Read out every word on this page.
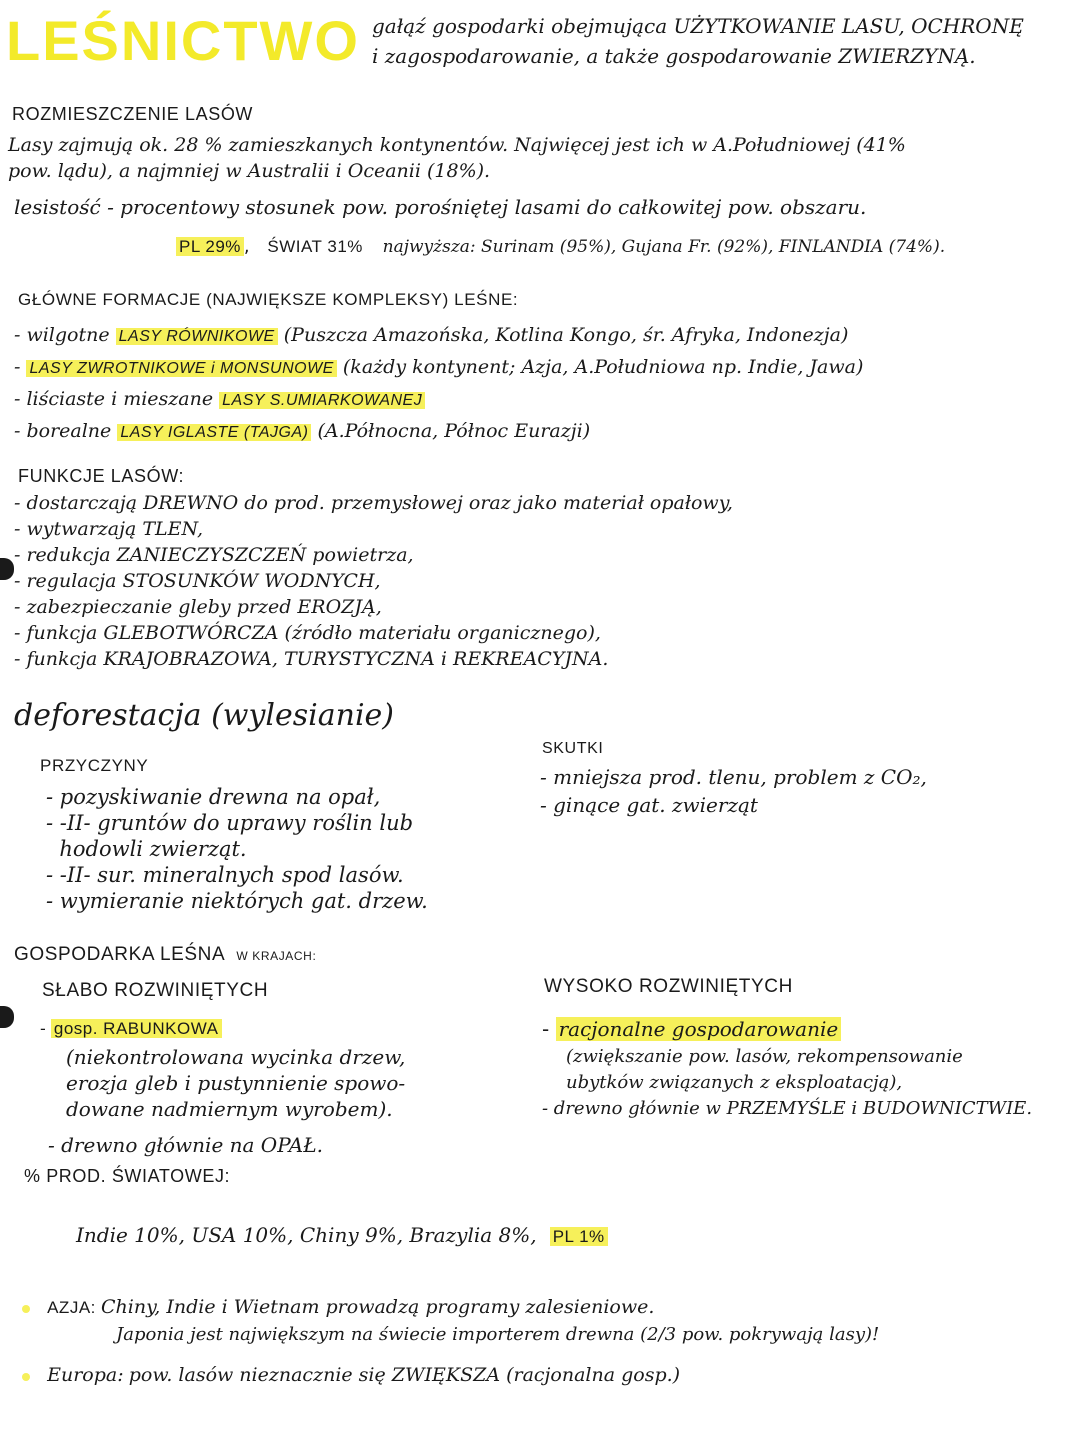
LEŚNICTWO gałąź gospodarki obejmująca UŻYTKOWANIE LASU, OCHRONĘ
i zagospodarowanie, a także gospodarowanie ZWIERZYNĄ.
ROZMIESZCZENIE LASÓW
Lasy zajmują ok. 28 % zamieszkanych kontynentów. Najwięcej jest ich w A.Południowej (41%
pow. lądu), a najmniej w Australii i Oceanii (18%).
lesistość - procentowy stosunek pow. porośniętej lasami do całkowitej pow. obszaru.
PL 29% , ŚWIAT 31% najwyższa: Surinam (95%), Gujana Fr. (92%), FINLANDIA (74%).
GŁÓWNE FORMACJE (NAJWIĘKSZE KOMPLEKSY) LEŚNE:
- wilgotne LASY RÓWNIKOWE (Puszcza Amazońska, Kotlina Kongo, śr. Afryka, Indonezja)
- LASY ZWROTNIKOWE i MONSUNOWE (każdy kontynent; Azja, A.Południowa np. Indie, Jawa)
- liściaste i mieszane LASY S.UMIARKOWANEJ
- borealne LASY IGLASTE (TAJGA) (A.Północna, Północ Eurazji)
FUNKCJE LASÓW:
- dostarczają DREWNO do prod. przemysłowej oraz jako materiał opałowy,
- wytwarzają TLEN,
- redukcja ZANIECZYSZCZEŃ powietrza,
- regulacja STOSUNKÓW WODNYCH,
- zabezpieczanie gleby przed EROZJĄ,
- funkcja GLEBOTWÓRCZA (źródło materiału organicznego),
- funkcja KRAJOBRAZOWA, TURYSTYCZNA i REKREACYJNA.
deforestacja (wylesianie)
PRZYCZYNY
- pozyskiwanie drewna na opał,
- -II- gruntów do uprawy roślin lub
hodowli zwierząt.
- -II- sur. mineralnych spod lasów.
- wymieranie niektórych gat. drzew.
SKUTKI
- mniejsza prod. tlenu, problem z CO₂,
- ginące gat. zwierząt
GOSPODARKA LEŚNA W KRAJACH:
SŁABO ROZWINIĘTYCH
- gosp. RABUNKOWA
(niekontrolowana wycinka drzew,
erozja gleb i pustynnienie spowo-
dowane nadmiernym wyrobem).
- drewno głównie na OPAŁ.
WYSOKO ROZWINIĘTYCH
- racjonalne gospodarowanie
(zwiększanie pow. lasów, rekompensowanie
ubytków związanych z eksploatacją),
- drewno głównie w PRZEMYŚLE i BUDOWNICTWIE.
% PROD. ŚWIATOWEJ:
Indie 10%, USA 10%, Chiny 9%, Brazylia 8%, PL 1%
AZJA: Chiny, Indie i Wietnam prowadzą programy zalesieniowe.
Japonia jest największym na świecie importerem drewna (2/3 pow. pokrywają lasy)!
Europa: pow. lasów nieznacznie się ZWIĘKSZA (racjonalna gosp.)
